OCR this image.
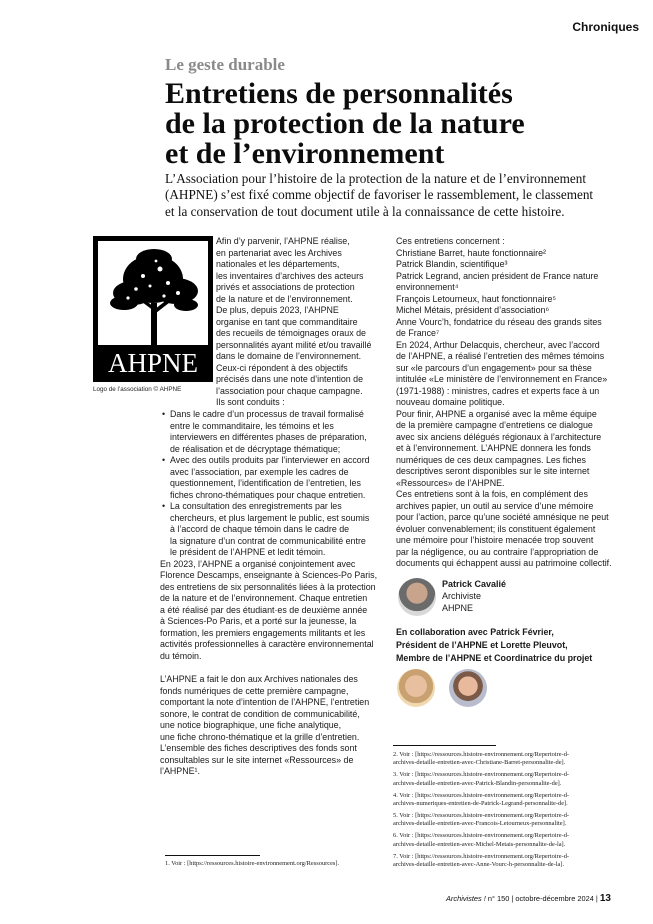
Chroniques
Le geste durable
Entretiens de personnalités
de la protection de la nature
et de l’environnement
L’Association pour l’histoire de la protection de la nature et de l’environnement
(AHPNE) s’est fixé comme objectif de favoriser le rassemblement, le classement
et la conservation de tout document utile à la connaissance de cette histoire.
AHPNE
Logo de l’association © AHPNE
Afin d’y parvenir, l’AHPNE réalise,
en partenariat avec les Archives
nationales et les départements,
les inventaires d’archives des acteurs
privés et associations de protection
de la nature et de l’environnement.
De plus, depuis 2023, l’AHPNE
organise en tant que commanditaire
des recueils de témoignages oraux de
personnalités ayant milité et/ou travaillé
dans le domaine de l’environnement.
Ceux-ci répondent à des objectifs
précisés dans une note d’intention de
l’association pour chaque campagne.
Ils sont conduits :
• Dans le cadre d’un processus de travail formalisé
entre le commanditaire, les témoins et les
interviewers en différentes phases de préparation,
de réalisation et de décryptage thématique;
• Avec des outils produits par l’interviewer en accord
avec l’association, par exemple les cadres de
questionnement, l’identification de l’entretien, les
fiches chrono-thématiques pour chaque entretien.
• La consultation des enregistrements par les
chercheurs, et plus largement le public, est soumis
à l’accord de chaque témoin dans le cadre de
la signature d’un contrat de communicabilité entre
le président de l’AHPNE et ledit témoin.
En 2023, l’AHPNE a organisé conjointement avec
Florence Descamps, enseignante à Sciences-Po Paris,
des entretiens de six personnalités liées à la protection
de la nature et de l’environnement. Chaque entretien
a été réalisé par des étudiant·es de deuxième année
à Sciences-Po Paris, et a porté sur la jeunesse, la
formation, les premiers engagements militants et les
activités professionnelles à caractère environnemental
du témoin.
L’AHPNE a fait le don aux Archives nationales des
fonds numériques de cette première campagne,
comportant la note d’intention de l’AHPNE, l’entretien
sonore, le contrat de condition de communicabilité,
une notice biographique, une fiche analytique,
une fiche chrono-thématique et la grille d’entretien.
L’ensemble des fiches descriptives des fonds sont
consultables sur le site internet «Ressources» de
l’AHPNE¹.
Ces entretiens concernent :
Christiane Barret, haute fonctionnaire²
Patrick Blandin, scientifique³
Patrick Legrand, ancien président de France nature
environnement⁴
François Letourneux, haut fonctionnaire⁵
Michel Métais, président d’association⁶
Anne Vourc’h, fondatrice du réseau des grands sites
de France⁷
En 2024, Arthur Delacquis, chercheur, avec l’accord
de l’AHPNE, a réalisé l’entretien des mêmes témoins
sur «le parcours d’un engagement» pour sa thèse
intitulée «Le ministère de l’environnement en France»
(1971-1988) : ministres, cadres et experts face à un
nouveau domaine politique.
Pour finir, AHPNE a organisé avec la même équipe
de la première campagne d’entretiens ce dialogue
avec six anciens délégués régionaux à l’architecture
et à l’environnement. L’AHPNE donnera les fonds
numériques de ces deux campagnes. Les fiches
descriptives seront disponibles sur le site internet
«Ressources» de l’AHPNE.
Ces entretiens sont à la fois, en complément des
archives papier, un outil au service d’une mémoire
pour l’action, parce qu’une société amnésique ne peut
évoluer convenablement; ils constituent également
une mémoire pour l’histoire menacée trop souvent
par la négligence, ou au contraire l’appropriation de
documents qui échappent aussi au patrimoine collectif.
Patrick Cavalié
Archiviste
AHPNE
En collaboration avec Patrick Février,
Président de l’AHPNE et Lorette Pleuvot,
Membre de l’AHPNE et Coordinatrice du projet
1. Voir : [https://ressources.histoire-environnement.org/Ressources].
2. Voir : [https://ressources.histoire-environnement.org/Repertoire-d-
archives-detaille-entretien-avec-Christiane-Barret-personnalite-de].
3. Voir : [https://ressources.histoire-environnement.org/Repertoire-d-
archives-detaille-entretien-avec-Patrick-Blandin-personnalite-de].
4. Voir : [https://ressources.histoire-environnement.org/Repertoire-d-
archives-numeriques-entretien-de-Patrick-Legrand-personnalite-de].
5. Voir : [https://ressources.histoire-environnement.org/Repertoire-d-
archives-detaille-entretien-avec-Francois-Letourneux-personnalite].
6. Voir : [https://ressources.histoire-environnement.org/Repertoire-d-
archives-detaille-entretien-avec-Michel-Metais-personnalite-de-la].
7. Voir : [https://ressources.histoire-environnement.org/Repertoire-d-
archives-detaille-entretien-avec-Anne-Vourc-h-personnalite-de-la].
Archivistes ! n° 150 | octobre-décembre 2024 | 13
